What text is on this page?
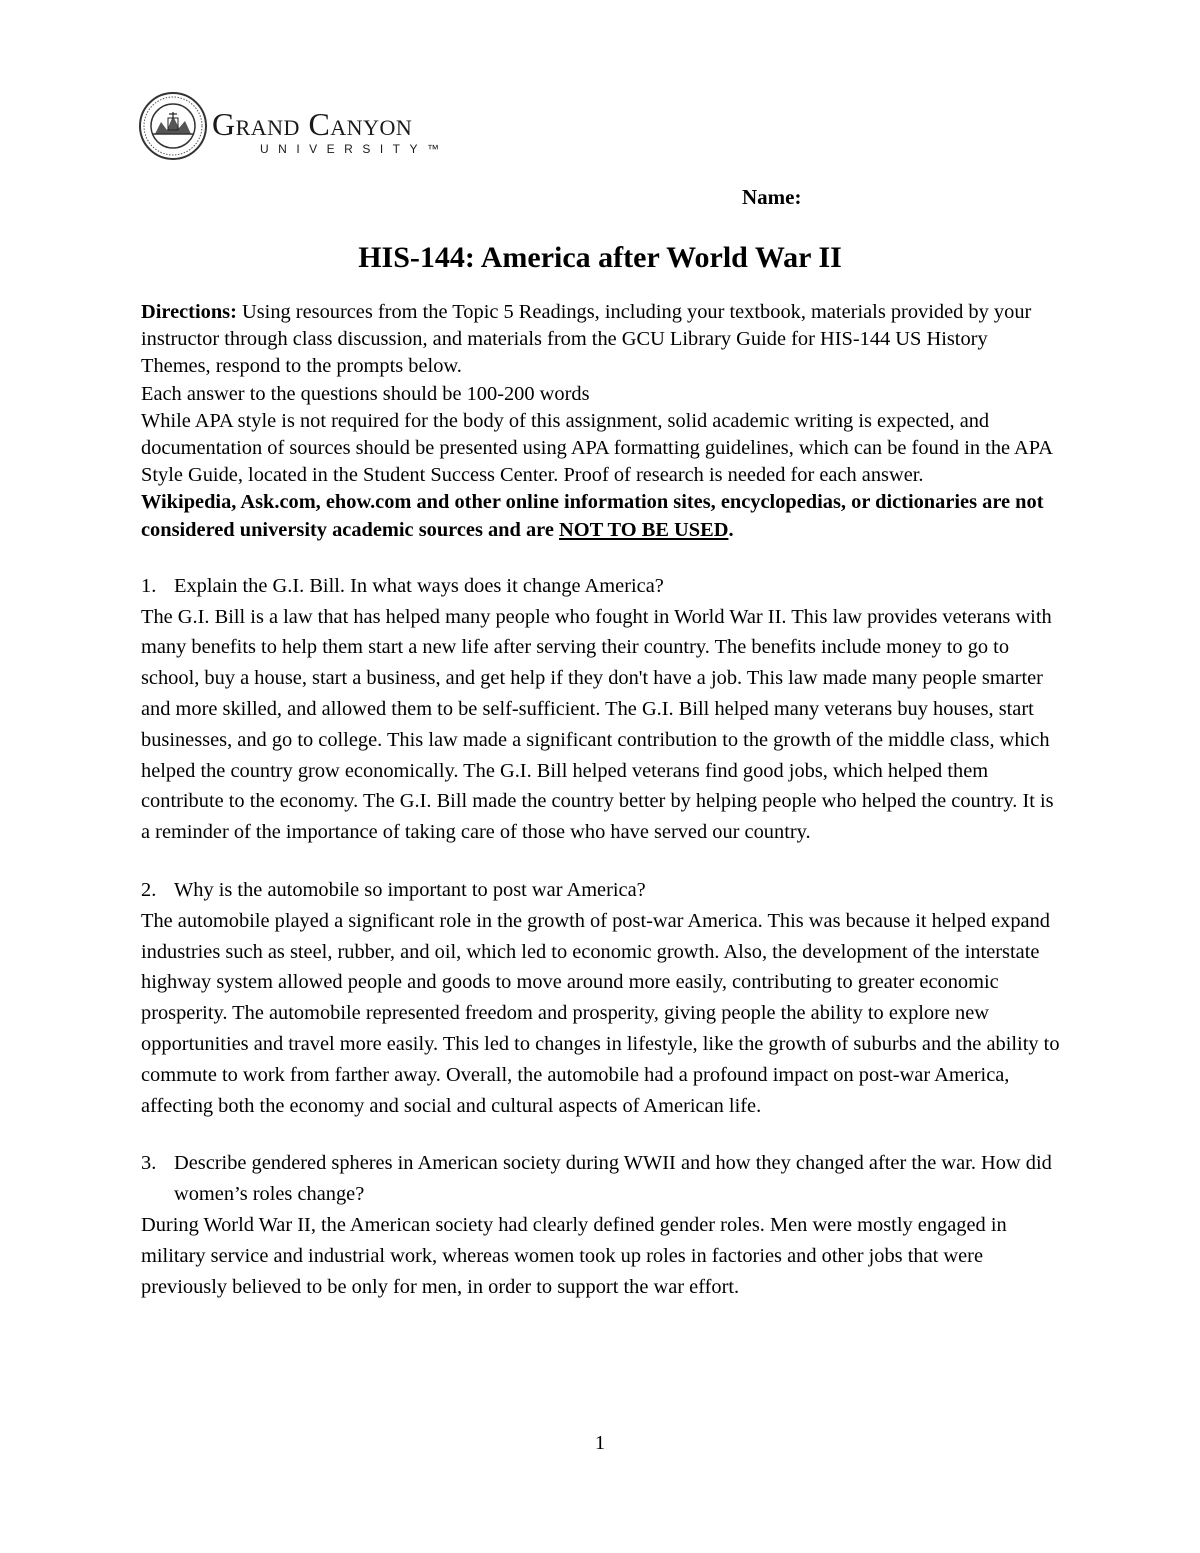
Grand Canyon
UNIVERSITY™
Name:
HIS-144: America after World War II

Directions: Using resources from the Topic 5 Readings, including your textbook, materials provided by your instructor through class discussion, and materials from the GCU Library Guide for HIS-144 US History Themes, respond to the prompts below.

Each answer to the questions should be 100-200 words

While APA style is not required for the body of this assignment, solid academic writing is expected, and documentation of sources should be presented using APA formatting guidelines, which can be found in the APA Style Guide, located in the Student Success Center. Proof of research is needed for each answer.

Wikipedia, Ask.com, ehow.com and other online information sites, encyclopedias, or dictionaries are not considered university academic sources and are NOT TO BE USED.

1. Explain the G.I. Bill. In what ways does it change America?

The G.I. Bill is a law that has helped many people who fought in World War II. This law provides veterans with many benefits to help them start a new life after serving their country. The benefits include money to go to school, buy a house, start a business, and get help if they don't have a job. This law made many people smarter and more skilled, and allowed them to be self-sufficient. The G.I. Bill helped many veterans buy houses, start businesses, and go to college. This law made a significant contribution to the growth of the middle class, which helped the country grow economically. The G.I. Bill helped veterans find good jobs, which helped them contribute to the economy. The G.I. Bill made the country better by helping people who helped the country. It is a reminder of the importance of taking care of those who have served our country.

2. Why is the automobile so important to post war America?

The automobile played a significant role in the growth of post-war America. This was because it helped expand industries such as steel, rubber, and oil, which led to economic growth. Also, the development of the interstate highway system allowed people and goods to move around more easily, contributing to greater economic prosperity. The automobile represented freedom and prosperity, giving people the ability to explore new opportunities and travel more easily. This led to changes in lifestyle, like the growth of suburbs and the ability to commute to work from farther away. Overall, the automobile had a profound impact on post-war America, affecting both the economy and social and cultural aspects of American life.

3. Describe gendered spheres in American society during WWII and how they changed after the war. How did women’s roles change?

During World War II, the American society had clearly defined gender roles. Men were mostly engaged in military service and industrial work, whereas women took up roles in factories and other jobs that were previously believed to be only for men, in order to support the war effort.

1
